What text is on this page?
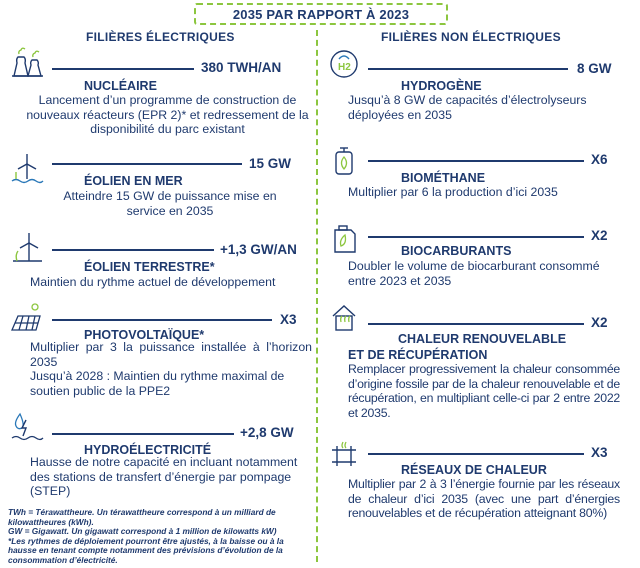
2035 PAR RAPPORT À 2023
FILIÈRES ÉLECTRIQUES	FILIÈRES NON ÉLECTRIQUES
380 TWH/AN
NUCLÉAIRE
Lancement d’un programme de construction de nouveaux réacteurs (EPR 2)* et redressement de la disponibilité du parc existant
15 GW
ÉOLIEN EN MER
Atteindre 15 GW de puissance mise en service en 2035
+1,3 GW/AN
ÉOLIEN TERRESTRE*
Maintien du rythme actuel de développement
X3
PHOTOVOLTAÏQUE*
Multiplier par 3 la puissance installée à l’horizon 2035
Jusqu’à 2028 : Maintien du rythme maximal de soutien public de la PPE2
+2,8 GW
HYDROÉLECTRICITÉ
Hausse de notre capacité en incluant notamment des stations de transfert d’énergie par pompage (STEP)
TWh = Térawattheure. Un térawattheure correspond à un milliard de kilowattheures (kWh).
GW = Gigawatt. Un gigawatt correspond à 1 million de kilowatts kW)
*Les rythmes de déploiement pourront être ajustés, à la baisse ou à la hausse en tenant compte notamment des prévisions d’évolution de la consommation d’électricité.
H2	8 GW
HYDROGÈNE
Jusqu’à 8 GW de capacités d’électrolyseurs déployées en 2035
X6
BIOMÉTHANE
Multiplier par 6 la production d’ici 2035
X2
BIOCARBURANTS
Doubler le volume de biocarburant consommé entre 2023 et 2035
X2
CHALEUR RENOUVELABLE
ET DE RÉCUPÉRATION
Remplacer progressivement la chaleur consommée d’origine fossile par de la chaleur renouvelable et de récupération, en multipliant celle-ci par 2 entre 2022 et 2035.
X3
RÉSEAUX DE CHALEUR
Multiplier par 2 à 3 l’énergie fournie par les réseaux de chaleur d’ici 2035 (avec une part d’énergies renouvelables et de récupération atteignant 80%)
